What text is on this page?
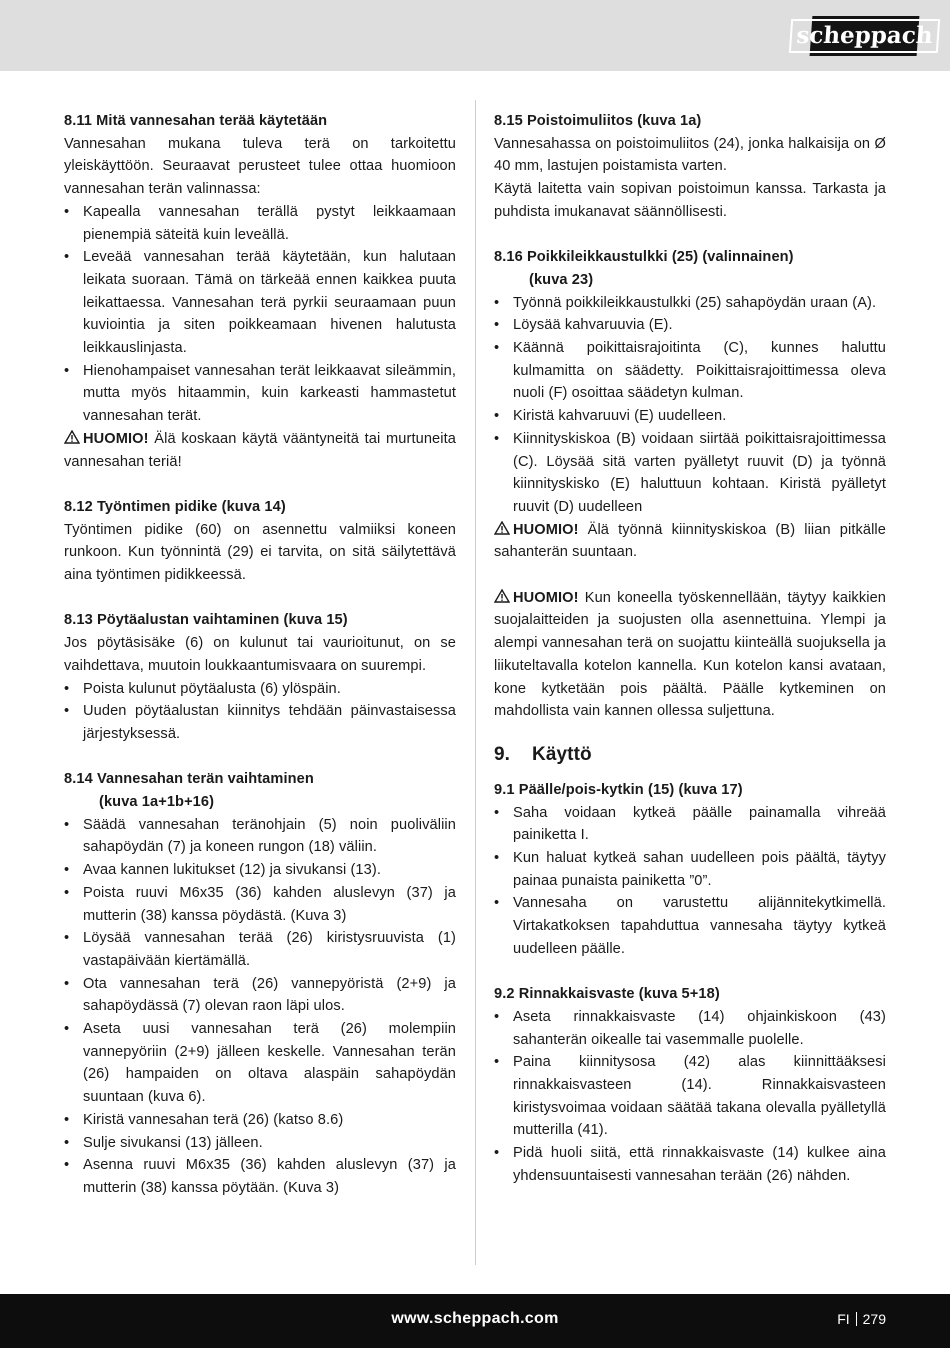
scheppach

8.11 Mitä vannesahan terää käytetään

Vannesahan mukana tuleva terä on tarkoitettu yleiskäyttöön. Seuraavat perusteet tulee ottaa huomioon vannesahan terän valinnassa:

• Kapealla vannesahan terällä pystyt leikkaamaan pienempiä säteitä kuin leveällä.
• Leveää vannesahan terää käytetään, kun halutaan leikata suoraan. Tämä on tärkeää ennen kaikkea puuta leikattaessa. Vannesahan terä pyrkii seuraamaan puun kuviointia ja siten poikkeamaan hivenen halutusta leikkauslinjasta.
• Hienohampaiset vannesahan terät leikkaavat sileämmin, mutta myös hitaammin, kuin karkeasti hammastetut vannesahan terät.

HUOMIO! Älä koskaan käytä vääntyneitä tai murtuneita vannesahan teriä!

8.12 Työntimen pidike (kuva 14)

Työntimen pidike (60) on asennettu valmiiksi koneen runkoon. Kun työnnintä (29) ei tarvita, on sitä säilytettävä aina työntimen pidikkeessä.

8.13 Pöytäalustan vaihtaminen (kuva 15)

Jos pöytäsisäke (6) on kulunut tai vaurioitunut, on se vaihdettava, muutoin loukkaantumisvaara on suurempi.

• Poista kulunut pöytäalusta (6) ylöspäin.
• Uuden pöytäalustan kiinnitys tehdään päinvastaisessa järjestyksessä.

8.14 Vannesahan terän vaihtaminen

(kuva 1a+1b+16)

• Säädä vannesahan teränohjain (5) noin puoliväliin sahapöydän (7) ja koneen rungon (18) väliin.
• Avaa kannen lukitukset (12) ja sivukansi (13).
• Poista ruuvi M6x35 (36) kahden aluslevyn (37) ja mutterin (38) kanssa pöydästä. (Kuva 3)
• Löysää vannesahan terää (26) kiristysruuvista (1) vastapäivään kiertämällä.
• Ota vannesahan terä (26) vannepyöristä (2+9) ja sahapöydässä (7) olevan raon läpi ulos.
• Aseta uusi vannesahan terä (26) molempiin vannepyöriin (2+9) jälleen keskelle. Vannesahan terän (26) hampaiden on oltava alaspäin sahapöydän suuntaan (kuva 6).
• Kiristä vannesahan terä (26) (katso 8.6)
• Sulje sivukansi (13) jälleen.
• Asenna ruuvi M6x35 (36) kahden aluslevyn (37) ja mutterin (38) kanssa pöytään. (Kuva 3)

8.15 Poistoimuliitos (kuva 1a)

Vannesahassa on poistoimuliitos (24), jonka halkaisija on Ø 40 mm, lastujen poistamista varten.

Käytä laitetta vain sopivan poistoimun kanssa. Tarkasta ja puhdista imukanavat säännöllisesti.

8.16 Poikkileikkaustulkki (25) (valinnainen)

(kuva 23)

• Työnnä poikkileikkaustulkki (25) sahapöydän uraan (A).
• Löysää kahvaruuvia (E).
• Käännä poikittaisrajoitinta (C), kunnes haluttu kulmamitta on säädetty. Poikittaisrajoittimessa oleva nuoli (F) osoittaa säädetyn kulman.
• Kiristä kahvaruuvi (E) uudelleen.
• Kiinnityskiskoa (B) voidaan siirtää poikittaisrajoittimessa (C). Löysää sitä varten pyälletyt ruuvit (D) ja työnnä kiinnityskisko (E) haluttuun kohtaan. Kiristä pyälletyt ruuvit (D) uudelleen

HUOMIO! Älä työnnä kiinnityskiskoa (B) liian pitkälle sahanterän suuntaan.

HUOMIO! Kun koneella työskennellään, täytyy kaikkien suojalaitteiden ja suojusten olla asennettuina. Ylempi ja alempi vannesahan terä on suojattu kiinteällä suojuksella ja liikuteltavalla kotelon kannella. Kun kotelon kansi avataan, kone kytketään pois päältä. Päälle kytkeminen on mahdollista vain kannen ollessa suljettuna.

9. Käyttö

9.1 Päälle/pois-kytkin (15) (kuva 17)

• Saha voidaan kytkeä päälle painamalla vihreää painiketta I.
• Kun haluat kytkeä sahan uudelleen pois päältä, täytyy painaa punaista painiketta ”0”.
• Vannesaha on varustettu alijännitekytkimellä. Virtakatkoksen tapahduttua vannesaha täytyy kytkeä uudelleen päälle.

9.2 Rinnakkaisvaste (kuva 5+18)

• Aseta rinnakkaisvaste (14) ohjainkiskoon (43) sahanterän oikealle tai vasemmalle puolelle.
• Paina kiinnitysosa (42) alas kiinnittääksesi rinnakkaisvasteen (14). Rinnakkaisvasteen kiristysvoimaa voidaan säätää takana olevalla pyälletyllä mutterilla (41).
• Pidä huoli siitä, että rinnakkaisvaste (14) kulkee aina yhdensuuntaisesti vannesahan terään (26) nähden.
www.scheppach.com	FI 279
